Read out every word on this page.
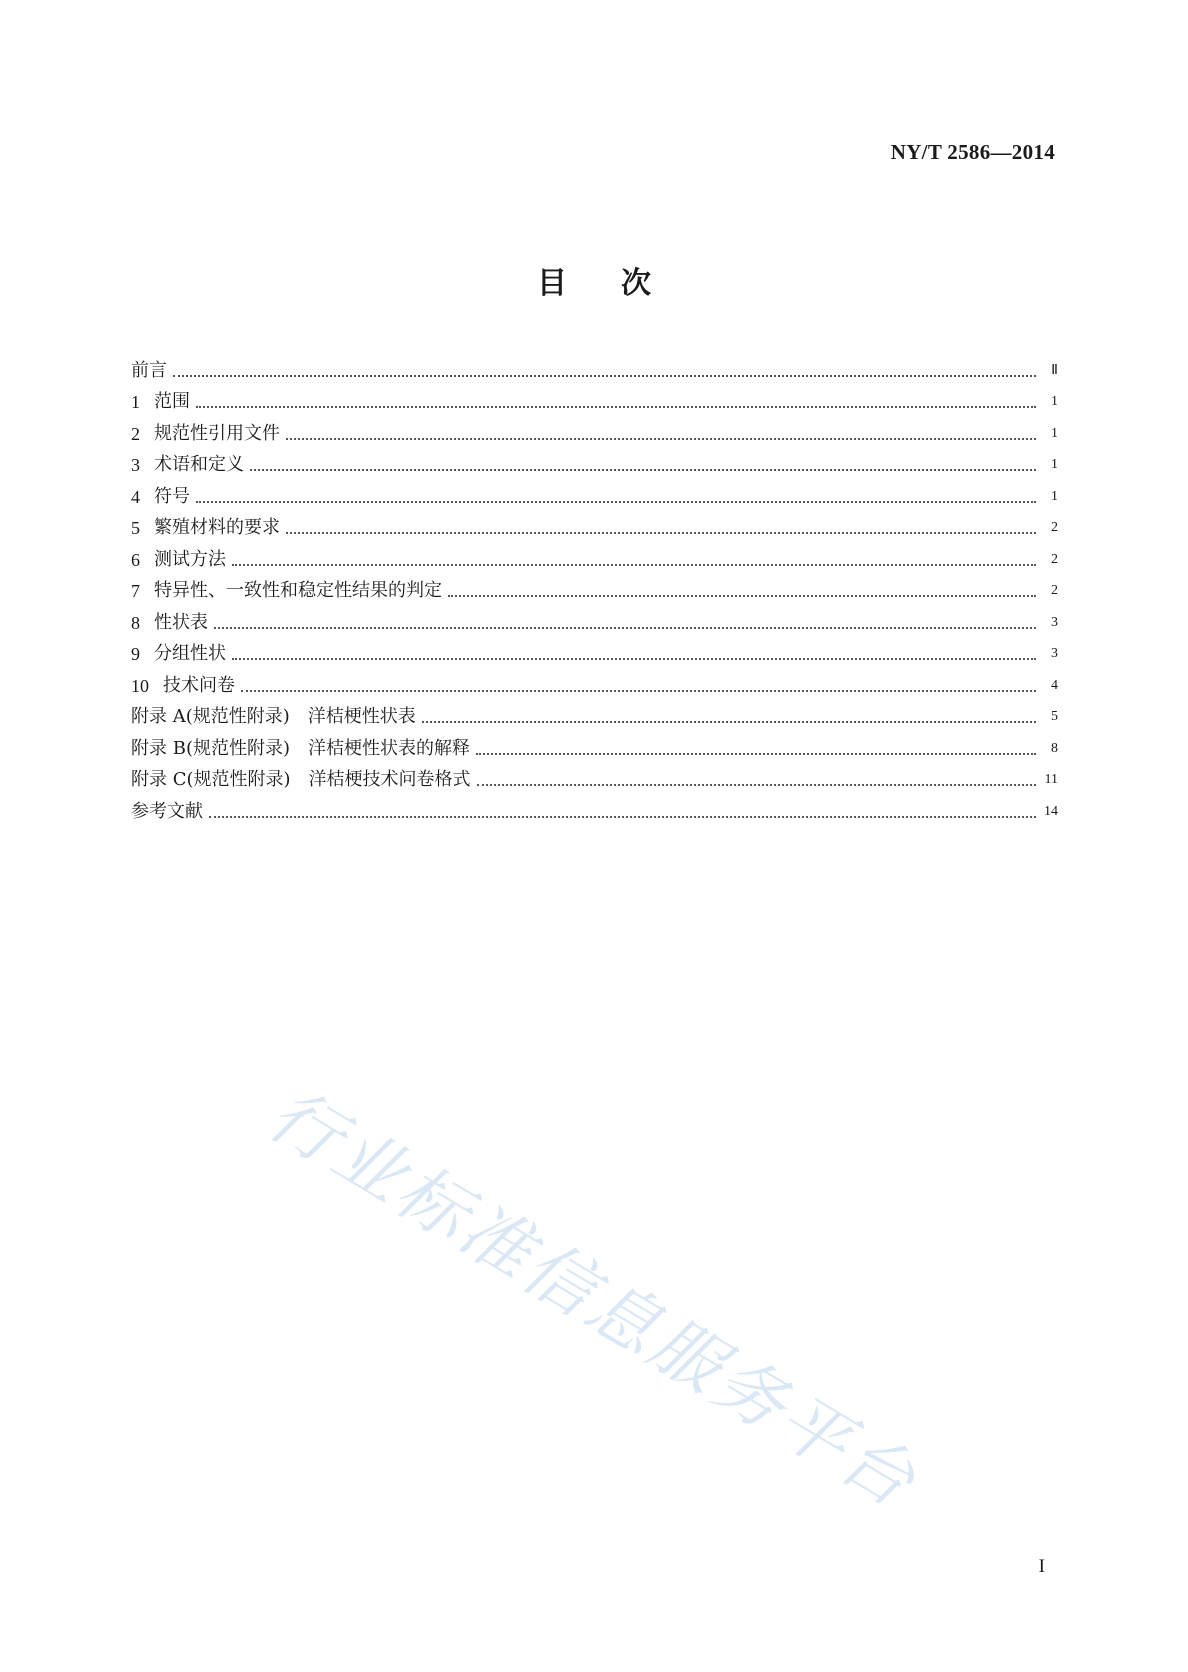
NY/T 2586—2014
目次
前言	Ⅱ
1 范围	1
2 规范性引用文件	1
3 术语和定义	1
4 符号	1
5 繁殖材料的要求	2
6 测试方法	2
7 特异性、一致性和稳定性结果的判定	2
8 性状表	3
9 分组性状	3
10 技术问卷	4
附录 A(规范性附录)　洋桔梗性状表	5
附录 B(规范性附录)　洋桔梗性状表的解释	8
附录 C(规范性附录)　洋桔梗技术问卷格式	11
参考文献	14
行业标准信息服务平台
I
